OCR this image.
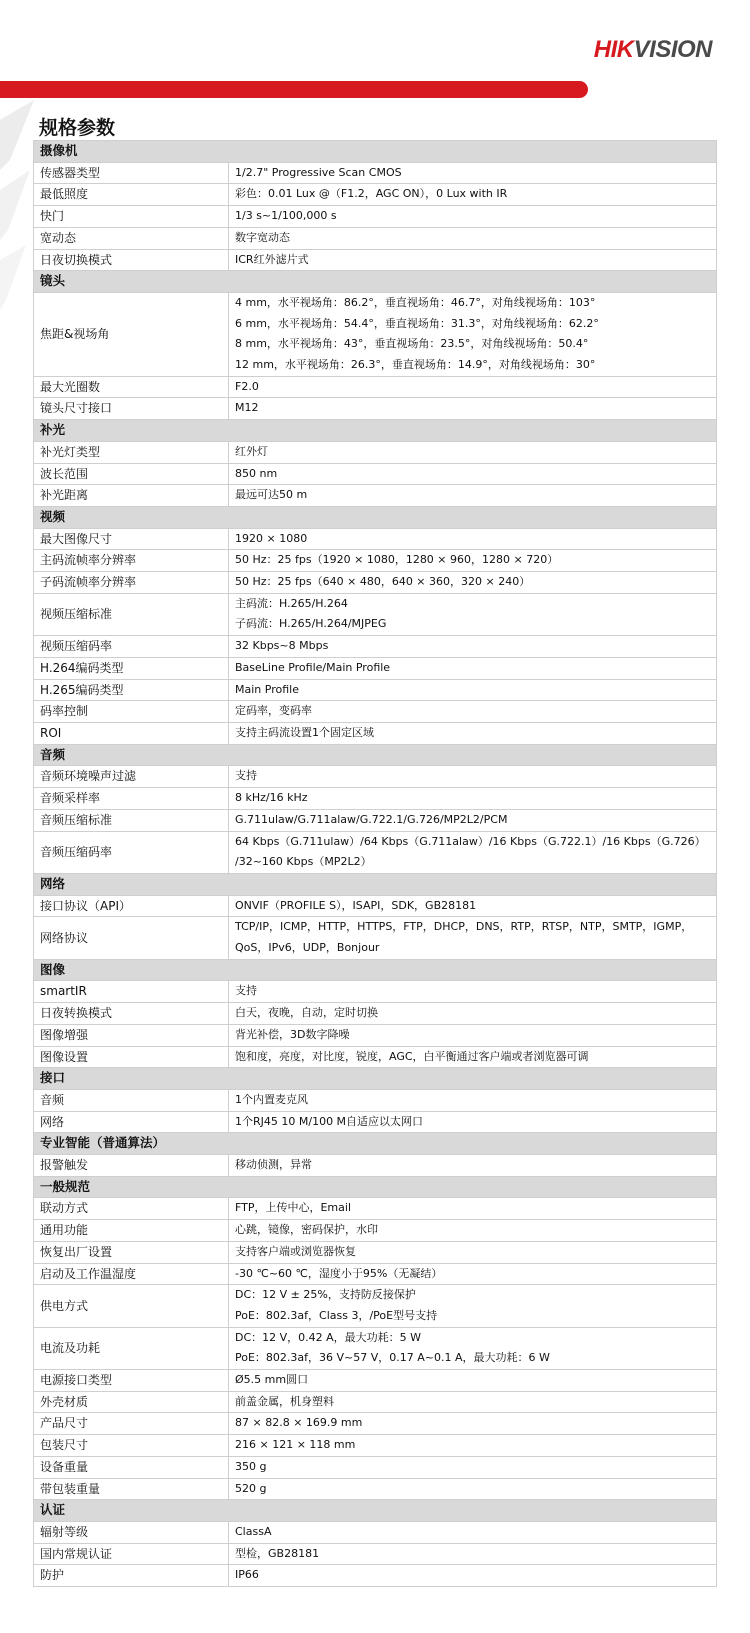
HIKVISION
规格参数
摄像机	
传感器类型	1/2.7" Progressive Scan CMOS

最低照度	彩色：0.01 Lux @（F1.2，AGC ON），0 Lux with IR

快门	1/3 s~1/100,000 s

宽动态	数字宽动态

日夜切换模式	ICR红外滤片式

镜头	
焦距&视场角	4 mm，水平视场角：86.2°，垂直视场角：46.7°，对角线视场角：103°
6 mm，水平视场角：54.4°，垂直视场角：31.3°，对角线视场角：62.2°
8 mm，水平视场角：43°，垂直视场角：23.5°，对角线视场角：50.4°
12 mm，水平视场角：26.3°，垂直视场角：14.9°，对角线视场角：30°

最大光圈数	F2.0

镜头尺寸接口	M12

补光	
补光灯类型	红外灯

波长范围	850 nm

补光距离	最远可达50 m

视频	
最大图像尺寸	1920 × 1080

主码流帧率分辨率	50 Hz：25 fps（1920 × 1080，1280 × 960，1280 × 720）

子码流帧率分辨率	50 Hz：25 fps（640 × 480，640 × 360，320 × 240）

视频压缩标准	主码流：H.265/H.264
子码流：H.265/H.264/MJPEG

视频压缩码率	32 Kbps~8 Mbps

H.264编码类型	BaseLine Profile/Main Profile

H.265编码类型	Main Profile

码率控制	定码率，变码率

ROI	支持主码流设置1个固定区域

音频	
音频环境噪声过滤	支持

音频采样率	8 kHz/16 kHz

音频压缩标准	G.711ulaw/G.711alaw/G.722.1/G.726/MP2L2/PCM

音频压缩码率	64 Kbps（G.711ulaw）/64 Kbps（G.711alaw）/16 Kbps（G.722.1）/16 Kbps（G.726）
/32~160 Kbps（MP2L2）

网络	
接口协议（API）	ONVIF（PROFILE S），ISAPI，SDK，GB28181

网络协议	TCP/IP，ICMP，HTTP，HTTPS，FTP，DHCP，DNS，RTP，RTSP，NTP，SMTP，IGMP，
QoS，IPv6，UDP，Bonjour

图像	
smartIR	支持

日夜转换模式	白天，夜晚，自动，定时切换

图像增强	背光补偿，3D数字降噪

图像设置	饱和度，亮度，对比度，锐度，AGC，白平衡通过客户端或者浏览器可调

接口	
音频	1个内置麦克风

网络	1个RJ45 10 M/100 M自适应以太网口

专业智能（普通算法）	
报警触发	移动侦测，异常

一般规范	
联动方式	FTP，上传中心，Email

通用功能	心跳，镜像，密码保护，水印

恢复出厂设置	支持客户端或浏览器恢复

启动及工作温湿度	-30 ℃~60 ℃，湿度小于95%（无凝结）

供电方式	DC：12 V ± 25%，支持防反接保护
PoE：802.3af，Class 3，/PoE型号支持

电流及功耗	DC：12 V，0.42 A，最大功耗：5 W
PoE：802.3af，36 V~57 V，0.17 A~0.1 A，最大功耗：6 W

电源接口类型	Ø5.5 mm圆口

外壳材质	前盖金属，机身塑料

产品尺寸	87 × 82.8 × 169.9 mm

包装尺寸	216 × 121 × 118 mm

设备重量	350 g

带包装重量	520 g

认证	
辐射等级	ClassA

国内常规认证	型检，GB28181

防护	IP66
